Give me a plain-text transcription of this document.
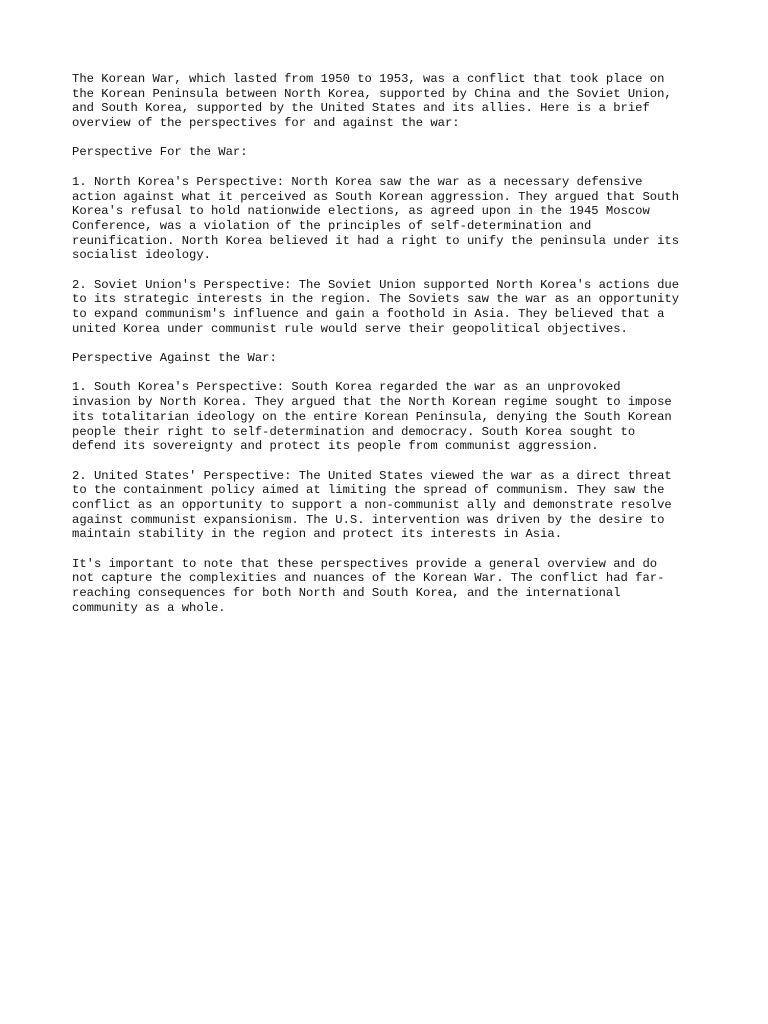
The Korean War, which lasted from 1950 to 1953, was a conflict that took place on
the Korean Peninsula between North Korea, supported by China and the Soviet Union,
and South Korea, supported by the United States and its allies. Here is a brief
overview of the perspectives for and against the war:
Perspective For the War:
1. North Korea's Perspective: North Korea saw the war as a necessary defensive
action against what it perceived as South Korean aggression. They argued that South
Korea's refusal to hold nationwide elections, as agreed upon in the 1945 Moscow
Conference, was a violation of the principles of self-determination and
reunification. North Korea believed it had a right to unify the peninsula under its
socialist ideology.
2. Soviet Union's Perspective: The Soviet Union supported North Korea's actions due
to its strategic interests in the region. The Soviets saw the war as an opportunity
to expand communism's influence and gain a foothold in Asia. They believed that a
united Korea under communist rule would serve their geopolitical objectives.
Perspective Against the War:
1. South Korea's Perspective: South Korea regarded the war as an unprovoked
invasion by North Korea. They argued that the North Korean regime sought to impose
its totalitarian ideology on the entire Korean Peninsula, denying the South Korean
people their right to self-determination and democracy. South Korea sought to
defend its sovereignty and protect its people from communist aggression.
2. United States' Perspective: The United States viewed the war as a direct threat
to the containment policy aimed at limiting the spread of communism. They saw the
conflict as an opportunity to support a non-communist ally and demonstrate resolve
against communist expansionism. The U.S. intervention was driven by the desire to
maintain stability in the region and protect its interests in Asia.
It's important to note that these perspectives provide a general overview and do
not capture the complexities and nuances of the Korean War. The conflict had far-
reaching consequences for both North and South Korea, and the international
community as a whole.
